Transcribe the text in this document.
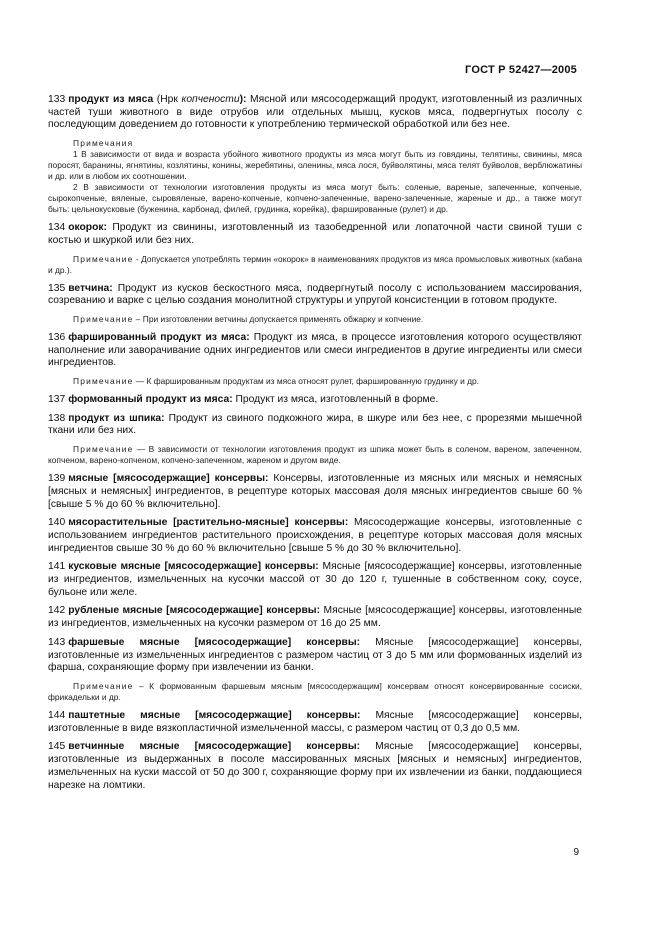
ГОСТ Р 52427—2005

133 продукт из мяса (Нрк копчености): Мясной или мясосодержащий продукт, изготовленный из различных частей туши животного в виде отрубов или отдельных мышц, кусков мяса, подвергнутых посолу с последующим доведением до готовности к употреблению термической обработкой или без нее.

Примечания

1 В зависимости от вида и возраста убойного животного продукты из мяса могут быть из говядины, телятины, свинины, мяса поросят, баранины, ягнятины, козлятины, конины, жеребятины, оленины, мяса лося, буйволятины, мяса телят буйволов, верблюжатины и др. или в любом их соотношении.

2 В зависимости от технологии изготовления продукты из мяса могут быть: соленые, вареные, запеченные, копченые, сырокопченые, вяленые, сыровяленые, варено-копченые, копчено-запеченные, варено-запеченные, жареные и др., а также могут быть: цельнокусковые (буженина, карбонад, филей, грудинка, корейка), фаршированные (рулет) и др.

134 окорок: Продукт из свинины, изготовленный из тазобедренной или лопаточной части свиной туши с костью и шкуркой или без них.

Примечание - Допускается употреблять термин «окорок» в наименованиях продуктов из мяса промысловых животных (кабана и др.).

135 ветчина: Продукт из кусков бескостного мяса, подвергнутый посолу с использованием массирования, созреванию и варке с целью создания монолитной структуры и упругой консистенции в готовом продукте.

Примечание – При изготовлении ветчины допускается применять обжарку и копчение.

136 фаршированный продукт из мяса: Продукт из мяса, в процессе изготовления которого осуществляют наполнение или заворачивание одних ингредиентов или смеси ингредиентов в другие ингредиенты или смеси ингредиентов.

Примечание — К фаршированным продуктам из мяса относят рулет, фаршированную грудинку и др.

137 формованный продукт из мяса: Продукт из мяса, изготовленный в форме.

138 продукт из шпика: Продукт из свиного подкожного жира, в шкуре или без нее, с прорезями мышечной ткани или без них.

Примечание — В зависимости от технологии изготовления продукт из шпика может быть в соленом, вареном, запеченном, копченом, варено-копченом, копчено-запеченном, жареном и другом виде.

139 мясные [мясосодержащие] консервы: Консервы, изготовленные из мясных или мясных и немясных [мясных и немясных] ингредиентов, в рецептуре которых массовая доля мясных ингредиентов свыше 60 % [свыше 5 % до 60 % включительно].

140 мясорастительные [растительно-мясные] консервы: Мясосодержащие консервы, изготовленные с использованием ингредиентов растительного происхождения, в рецептуре которых массовая доля мясных ингредиентов свыше 30 % до 60 % включительно [свыше 5 % до 30 % включительно].

141 кусковые мясные [мясосодержащие] консервы: Мясные [мясосодержащие] консервы, изготовленные из ингредиентов, измельченных на кусочки массой от 30 до 120 г, тушенные в собственном соку, соусе, бульоне или желе.

142 рубленые мясные [мясосодержащие] консервы: Мясные [мясосодержащие] консервы, изготовленные из ингредиентов, измельченных на кусочки размером от 16 до 25 мм.

143 фаршевые мясные [мясосодержащие] консервы: Мясные [мясосодержащие] консервы, изготовленные из измельченных ингредиентов с размером частиц от 3 до 5 мм или формованных изделий из фарша, сохраняющие форму при извлечении из банки.

Примечание – К формованным фаршевым мясным [мясосодержащим] консервам относят консервированные сосиски, фрикадельки и др.

144 паштетные мясные [мясосодержащие] консервы: Мясные [мясосодержащие] консервы, изготовленные в виде вязкопластичной измельченной массы, с размером частиц от 0,3 до 0,5 мм.

145 ветчинные мясные [мясосодержащие] консервы: Мясные [мясосодержащие] консервы, изготовленные из выдержанных в посоле массированных мясных [мясных и немясных] ингредиентов, измельченных на куски массой от 50 до 300 г, сохраняющие форму при их извлечении из банки, поддающиеся нарезке на ломтики.

9
